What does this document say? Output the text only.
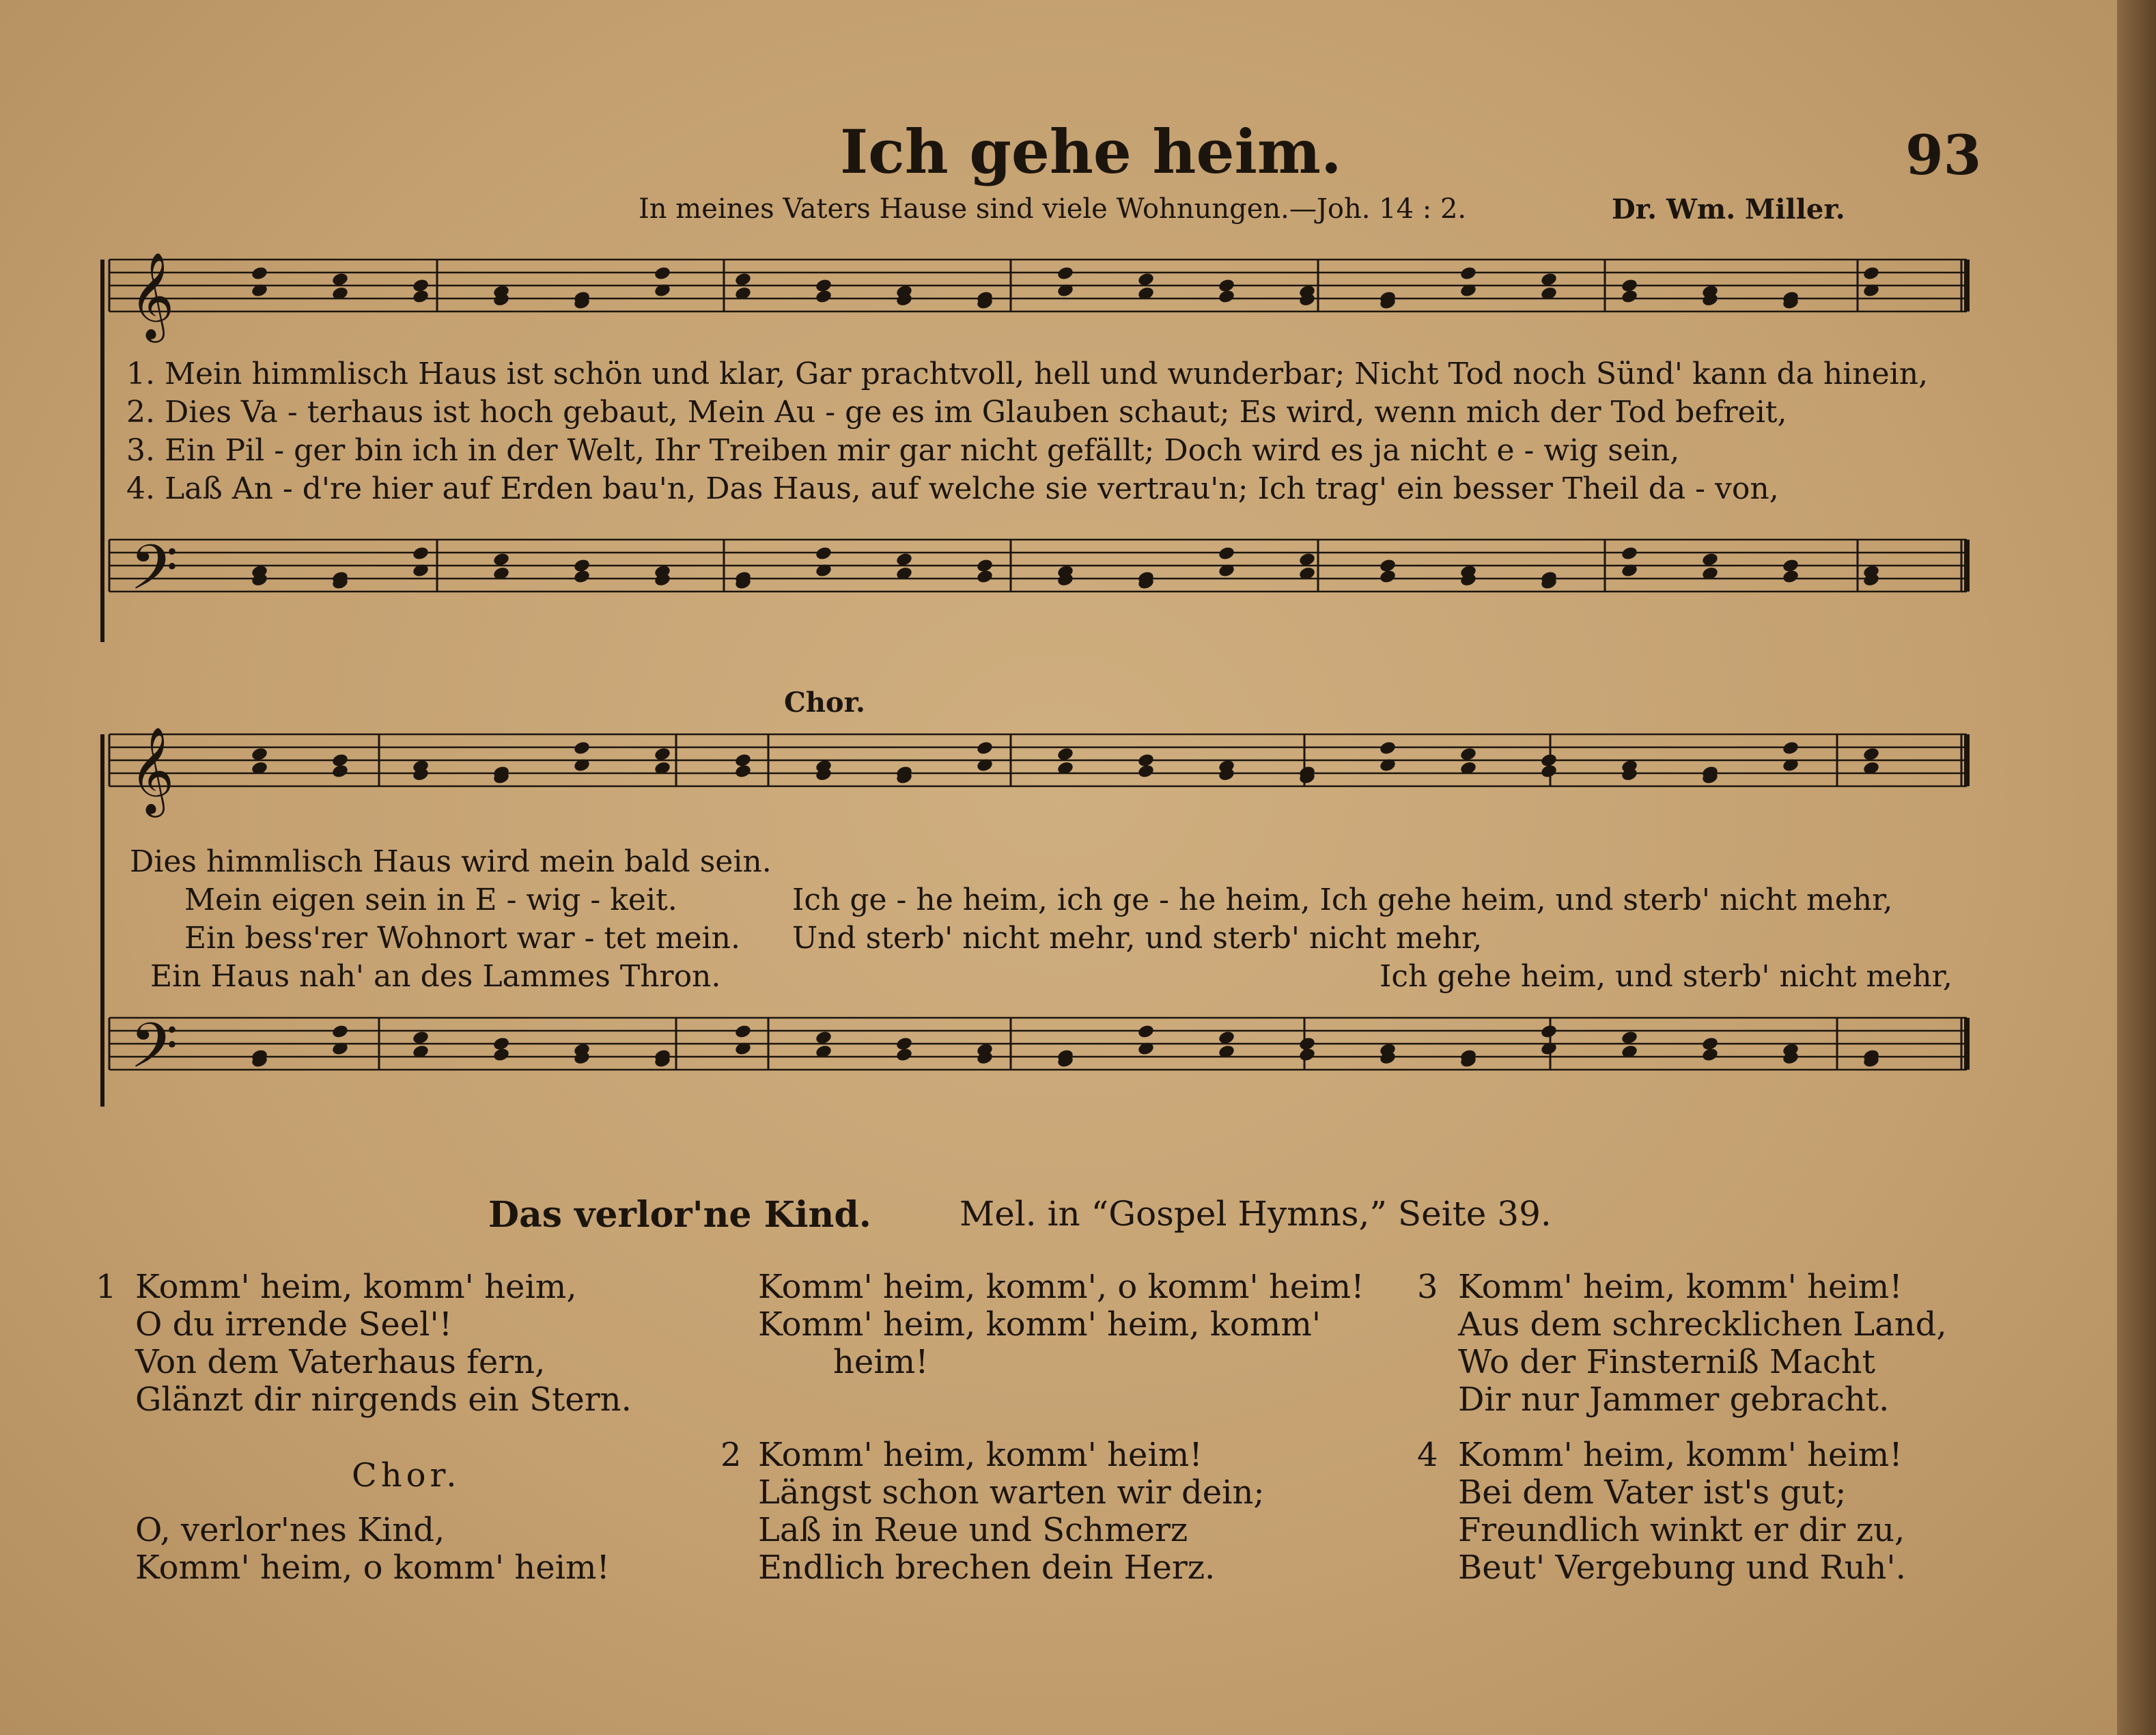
Ich gehe heim.	93
In meines Vaters Hause sind viele Wohnungen.—Joh. 14 : 2.	Dr. Wm. Miller.
𝄞
𝄢
𝄞
𝄢
1. Mein himmlisch Haus ist schön und klar, Gar prachtvoll, hell und wunderbar; Nicht Tod noch Sünd' kann da hinein,
2. Dies Va - terhaus ist hoch gebaut, Mein Au - ge es im Glauben schaut; Es wird, wenn mich der Tod befreit,
3. Ein Pil - ger bin ich in der Welt, Ihr Treiben mir gar nicht gefällt; Doch wird es ja nicht e - wig sein,
4. Laß An - d're hier auf Erden bau'n, Das Haus, auf welche sie vertrau'n; Ich trag' ein besser Theil da - von,
Chor.
Dies himmlisch Haus wird mein bald sein.
Mein eigen sein in E - wig - keit.
Ein bess'rer Wohnort war - tet mein.
Ein Haus nah' an des Lammes Thron.
Ich ge - he heim, ich ge - he heim, Ich gehe heim, und sterb' nicht mehr,
Und sterb' nicht mehr, und sterb' nicht mehr,
Ich gehe heim, und sterb' nicht mehr,
Das verlor'ne Kind.	Mel. in “Gospel Hymns,” Seite 39.
1 Komm' heim, komm' heim,
O du irrende Seel'!
Von dem Vaterhaus fern,
Glänzt dir nirgends ein Stern.
Chor.
O, verlor'nes Kind,
Komm' heim, o komm' heim!
Komm' heim, komm', o komm' heim!
Komm' heim, komm' heim, komm'
heim!
2 Komm' heim, komm' heim!
Längst schon warten wir dein;
Laß in Reue und Schmerz
Endlich brechen dein Herz.
3 Komm' heim, komm' heim!
Aus dem schrecklichen Land,
Wo der Finsterniß Macht
Dir nur Jammer gebracht.
4 Komm' heim, komm' heim!
Bei dem Vater ist's gut;
Freundlich winkt er dir zu,
Beut' Vergebung und Ruh'.
